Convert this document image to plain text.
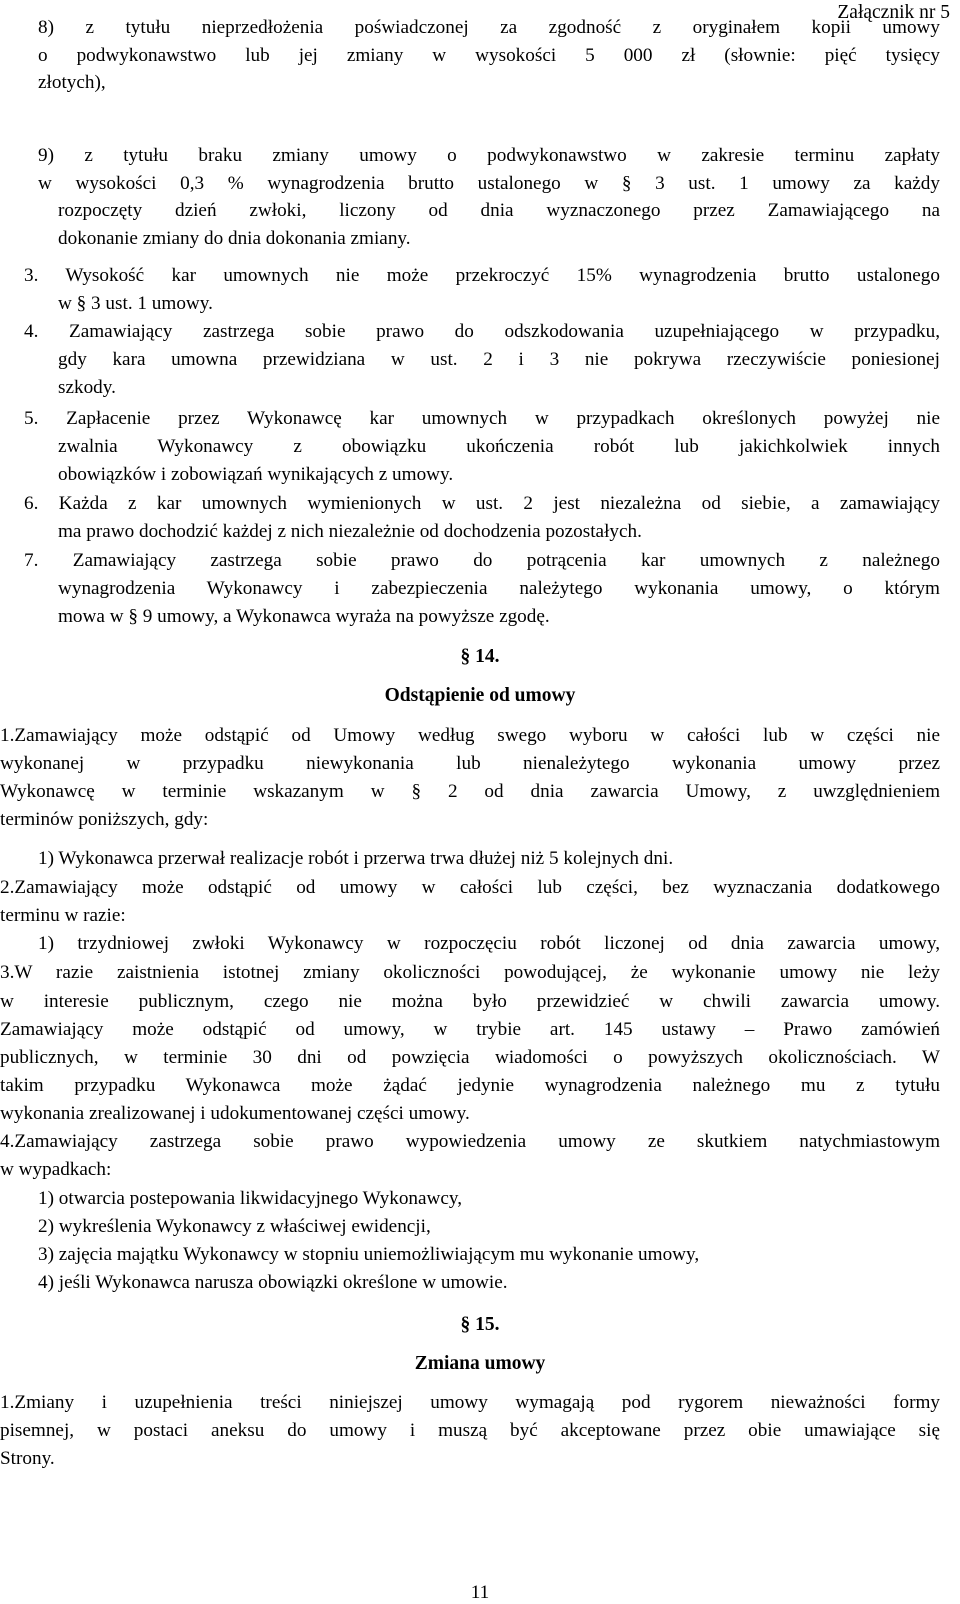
Załącznik nr 5
8) z tytułu nieprzedłożenia poświadczonej za zgodność z oryginałem kopii umowy
o podwykonawstwo lub jej zmiany w wysokości 5 000 zł (słownie: pięć tysięcy
złotych),
9) z tytułu braku zmiany umowy o podwykonawstwo w zakresie terminu zapłaty
w wysokości 0,3 % wynagrodzenia brutto ustalonego w § 3 ust. 1 umowy za każdy
rozpoczęty dzień zwłoki, liczony od dnia wyznaczonego przez Zamawiającego na
dokonanie zmiany do dnia dokonania zmiany.
3. Wysokość kar umownych nie może przekroczyć 15% wynagrodzenia brutto ustalonego
w § 3 ust. 1 umowy.
4. Zamawiający zastrzega sobie prawo do odszkodowania uzupełniającego w przypadku,
gdy kara umowna przewidziana w ust. 2 i 3 nie pokrywa rzeczywiście poniesionej
szkody.
5. Zapłacenie przez Wykonawcę kar umownych w przypadkach określonych powyżej nie
zwalnia Wykonawcy z obowiązku ukończenia robót lub jakichkolwiek innych
obowiązków i zobowiązań wynikających z umowy.
6. Każda z kar umownych wymienionych w ust. 2 jest niezależna od siebie, a zamawiający
ma prawo dochodzić każdej z nich niezależnie od dochodzenia pozostałych.
7. Zamawiający zastrzega sobie prawo do potrącenia kar umownych z należnego
wynagrodzenia Wykonawcy i zabezpieczenia należytego wykonania umowy, o którym
mowa w § 9 umowy, a Wykonawca wyraża na powyższe zgodę.
§ 14.
Odstąpienie od umowy
1.Zamawiający może odstąpić od Umowy według swego wyboru w całości lub w części nie
wykonanej w przypadku niewykonania lub nienależytego wykonania umowy przez
Wykonawcę w terminie wskazanym w § 2 od dnia zawarcia Umowy, z uwzględnieniem
terminów poniższych, gdy:
1) Wykonawca przerwał realizacje robót i przerwa trwa dłużej niż 5 kolejnych dni.
2.Zamawiający może odstąpić od umowy w całości lub części, bez wyznaczania dodatkowego
terminu w razie:
1) trzydniowej zwłoki Wykonawcy w rozpoczęciu robót liczonej od dnia zawarcia umowy,
3.W razie zaistnienia istotnej zmiany okoliczności powodującej, że wykonanie umowy nie leży
w interesie publicznym, czego nie można było przewidzieć w chwili zawarcia umowy.
Zamawiający może odstąpić od umowy, w trybie art. 145 ustawy – Prawo zamówień
publicznych, w terminie 30 dni od powzięcia wiadomości o powyższych okolicznościach. W
takim przypadku Wykonawca może żądać jedynie wynagrodzenia należnego mu z tytułu
wykonania zrealizowanej i udokumentowanej części umowy.
4.Zamawiający zastrzega sobie prawo wypowiedzenia umowy ze skutkiem natychmiastowym
w wypadkach:
1) otwarcia postepowania likwidacyjnego Wykonawcy,
2) wykreślenia Wykonawcy z właściwej ewidencji,
3) zajęcia majątku Wykonawcy w stopniu uniemożliwiającym mu wykonanie umowy,
4) jeśli Wykonawca narusza obowiązki określone w umowie.
§ 15.
Zmiana umowy
1.Zmiany i uzupełnienia treści niniejszej umowy wymagają pod rygorem nieważności formy
pisemnej, w postaci aneksu do umowy i muszą być akceptowane przez obie umawiające się
Strony.
11
